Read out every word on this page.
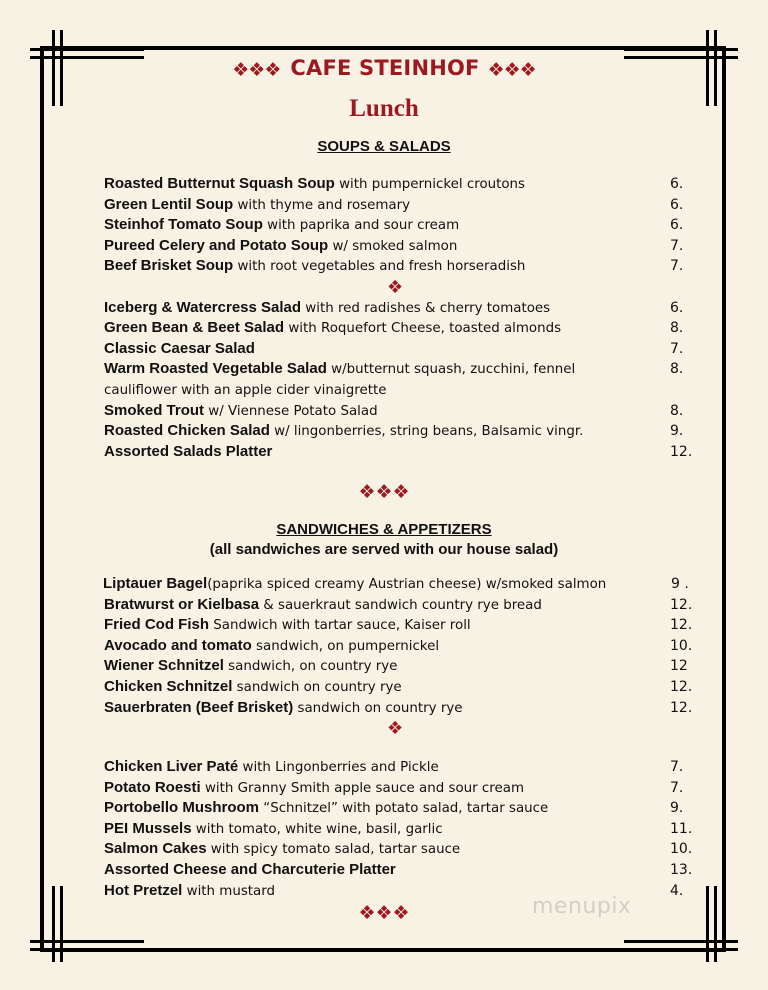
❖❖❖ CAFE STEINHOF ❖❖❖
Lunch
SOUPS & SALADS
Roasted Butternut Squash Soup with pumpernickel croutons	6.
Green Lentil Soup with thyme and rosemary	6.
Steinhof Tomato Soup with paprika and sour cream	6.
Pureed Celery and Potato Soup w/ smoked salmon	7.
Beef Brisket Soup with root vegetables and fresh horseradish	7.
❖
Iceberg & Watercress Salad with red radishes & cherry tomatoes	6.
Green Bean & Beet Salad with Roquefort Cheese, toasted almonds	8.
Classic Caesar Salad	7.
Warm Roasted Vegetable Salad w/butternut squash, zucchini, fennel	8.
cauliflower with an apple cider vinaigrette
Smoked Trout w/ Viennese Potato Salad	8.
Roasted Chicken Salad w/ lingonberries, string beans, Balsamic vingr.	9.
Assorted Salads Platter	12.
❖❖❖
SANDWICHES & APPETIZERS
(all sandwiches are served with our house salad)
Liptauer Bagel(paprika spiced creamy Austrian cheese) w/smoked salmon	9 .
Bratwurst or Kielbasa & sauerkraut sandwich country rye bread	12.
Fried Cod Fish Sandwich with tartar sauce, Kaiser roll	12.
Avocado and tomato sandwich, on pumpernickel	10.
Wiener Schnitzel sandwich, on country rye	12
Chicken Schnitzel sandwich on country rye	12.
Sauerbraten (Beef Brisket) sandwich on country rye	12.
❖
Chicken Liver Paté with Lingonberries and Pickle	7.
Potato Roesti with Granny Smith apple sauce and sour cream	7.
Portobello Mushroom “Schnitzel” with potato salad, tartar sauce	9.
PEI Mussels with tomato, white wine, basil, garlic	11.
Salmon Cakes with spicy tomato salad, tartar sauce	10.
Assorted Cheese and Charcuterie Platter	13.
Hot Pretzel with mustard	4.
❖❖❖	menupix
